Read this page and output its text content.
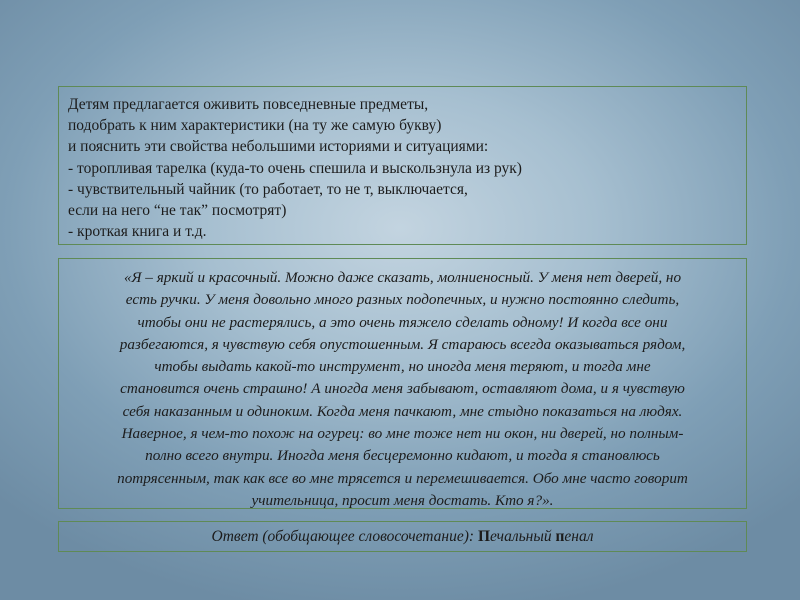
Детям предлагается оживить повседневные предметы,
подобрать к ним характеристики (на ту же самую букву)
и пояснить эти свойства небольшими историями и ситуациями:
- торопливая тарелка (куда-то очень спешила и выскользнула из рук)
- чувствительный чайник (то работает, то не т, выключается,
если на него “не так” посмотрят)
- кроткая книга и т.д.
«Я – яркий и красочный. Можно даже сказать, молниеносный. У меня нет дверей, но
есть ручки. У меня довольно много разных подопечных, и нужно постоянно следить,
чтобы они не растерялись, а это очень тяжело сделать одному! И когда все они
разбегаются, я чувствую себя опустошенным. Я стараюсь всегда оказываться рядом,
чтобы выдать какой-то инструмент, но иногда меня теряют, и тогда мне
становится очень страшно! А иногда меня забывают, оставляют дома, и я чувствую
себя наказанным и одиноким. Когда меня пачкают, мне стыдно показаться на людях.
Наверное, я чем-то похож на огурец: во мне тоже нет ни окон, ни дверей, но полным-
полно всего внутри. Иногда меня бесцеремонно кидают, и тогда я становлюсь
потрясенным, так как все во мне трясется и перемешивается. Обо мне часто говорит
учительница, просит меня достать. Кто я?».
Ответ (обобщающее словосочетание): Печальный пенал
